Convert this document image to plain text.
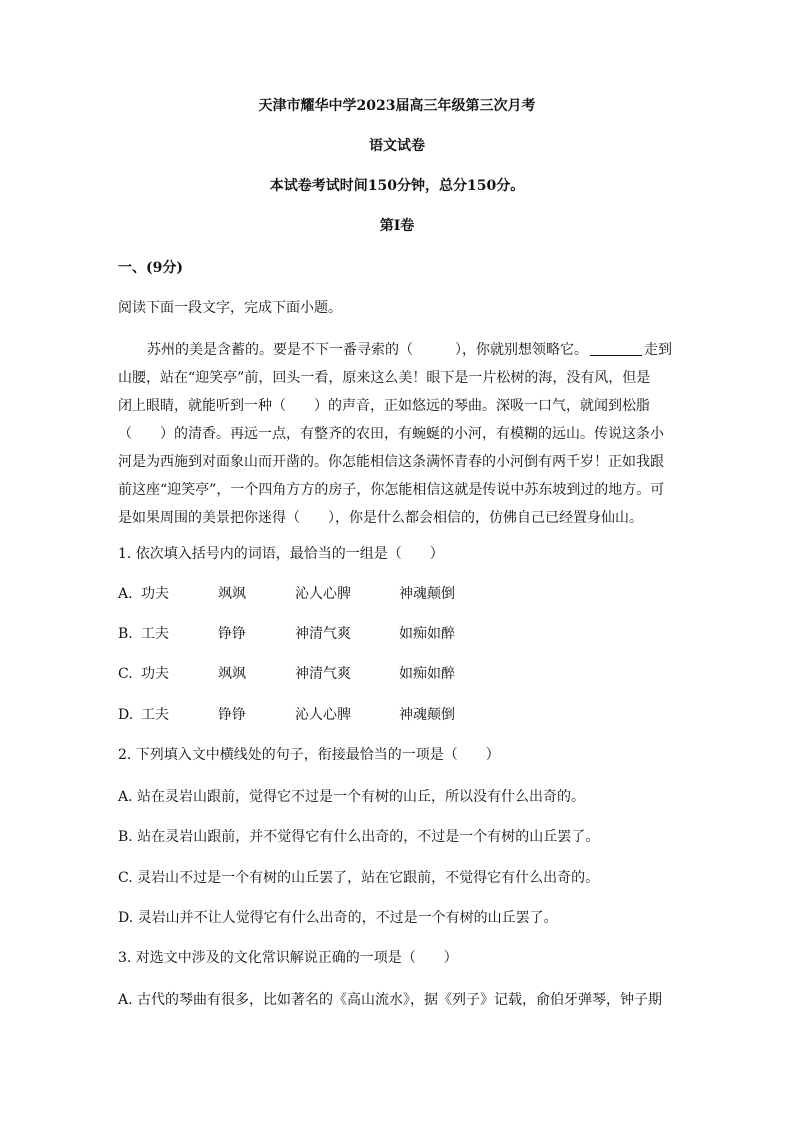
天津市耀华中学2023届高三年级第三次月考
语文试卷
本试卷考试时间150分钟，总分150分。
第I卷
一、(9分)
阅读下面一段文字，完成下面小题。
苏州的美是含蓄的。要是不下一番寻索的（　　　），你就别想领略它。	走到
山腰，站在“迎笑亭”前，回头一看，原来这么美！眼下是一片松树的海，没有风，但是
闭上眼睛，就能听到一种（　　）的声音，正如悠远的琴曲。深吸一口气，就闻到松脂
（　　）的清香。再远一点，有整齐的农田，有蜿蜒的小河，有模糊的远山。传说这条小
河是为西施到对面象山而开凿的。你怎能相信这条满怀青春的小河倒有两千岁！正如我跟
前这座“迎笑亭”，一个四角方方的房子，你怎能相信这就是传说中苏东坡到过的地方。可
是如果周围的美景把你迷得（　　），你是什么都会相信的，仿佛自己已经置身仙山。
1. 依次填入括号内的词语，最恰当的一组是（　　）
A. 功夫	飒飒	沁人心脾	神魂颠倒
B. 工夫	铮铮	神清气爽	如痴如醉
C. 功夫	飒飒	神清气爽	如痴如醉
D. 工夫	铮铮	沁人心脾	神魂颠倒
2. 下列填入文中横线处的句子，衔接最恰当的一项是（　　）
A. 站在灵岩山跟前，觉得它不过是一个有树的山丘，所以没有什么出奇的。
B. 站在灵岩山跟前，并不觉得它有什么出奇的，不过是一个有树的山丘罢了。
C. 灵岩山不过是一个有树的山丘罢了，站在它跟前，不觉得它有什么出奇的。
D. 灵岩山并不让人觉得它有什么出奇的，不过是一个有树的山丘罢了。
3. 对选文中涉及的文化常识解说正确的一项是（　　）
A. 古代的琴曲有很多，比如著名的《高山流水》，据《列子》记载，俞伯牙弹琴，钟子期
